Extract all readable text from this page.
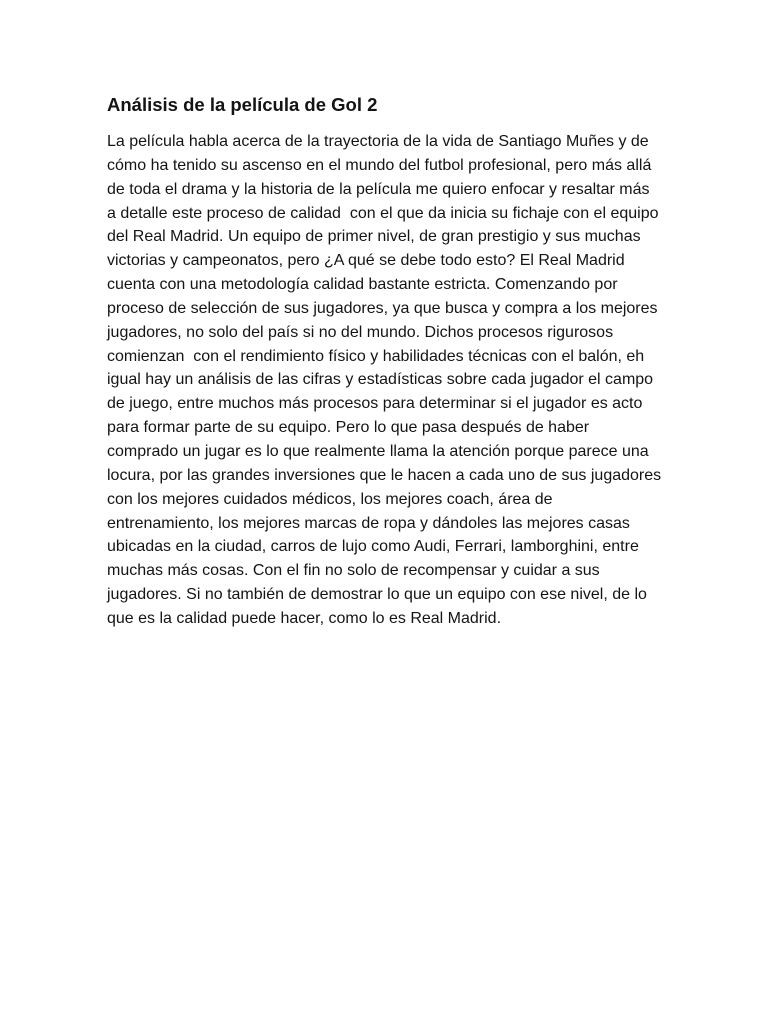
Análisis de la película de Gol 2
La película habla acerca de la trayectoria de la vida de Santiago Muñes y de
cómo ha tenido su ascenso en el mundo del futbol profesional, pero más allá
de toda el drama y la historia de la película me quiero enfocar y resaltar más
a detalle este proceso de calidad  con el que da inicia su fichaje con el equipo
del Real Madrid. Un equipo de primer nivel, de gran prestigio y sus muchas
victorias y campeonatos, pero ¿A qué se debe todo esto? El Real Madrid
cuenta con una metodología calidad bastante estricta. Comenzando por
proceso de selección de sus jugadores, ya que busca y compra a los mejores
jugadores, no solo del país si no del mundo. Dichos procesos rigurosos
comienzan  con el rendimiento físico y habilidades técnicas con el balón, eh
igual hay un análisis de las cifras y estadísticas sobre cada jugador el campo
de juego, entre muchos más procesos para determinar si el jugador es acto
para formar parte de su equipo. Pero lo que pasa después de haber
comprado un jugar es lo que realmente llama la atención porque parece una
locura, por las grandes inversiones que le hacen a cada uno de sus jugadores
con los mejores cuidados médicos, los mejores coach, área de
entrenamiento, los mejores marcas de ropa y dándoles las mejores casas
ubicadas en la ciudad, carros de lujo como Audi, Ferrari, lamborghini, entre
muchas más cosas. Con el fin no solo de recompensar y cuidar a sus
jugadores. Si no también de demostrar lo que un equipo con ese nivel, de lo
que es la calidad puede hacer, como lo es Real Madrid.
